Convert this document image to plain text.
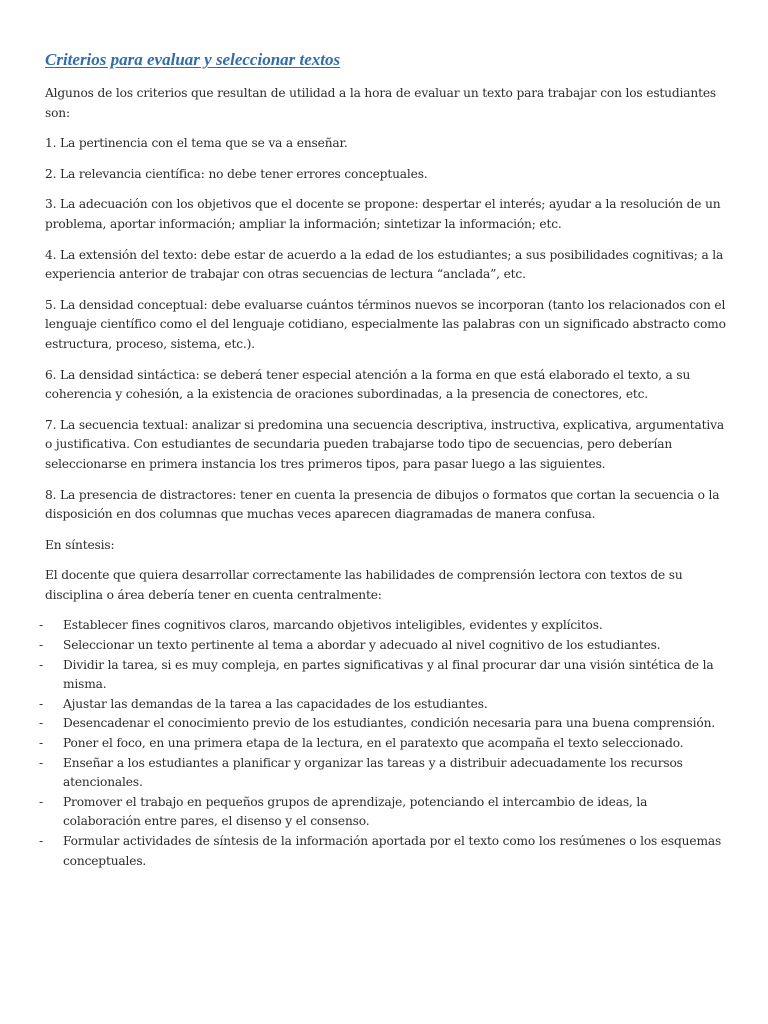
Criterios para evaluar y seleccionar textos

Algunos de los criterios que resultan de utilidad a la hora de evaluar un texto para trabajar con los estudiantes son:

1. La pertinencia con el tema que se va a enseñar.

2. La relevancia científica: no debe tener errores conceptuales.

3. La adecuación con los objetivos que el docente se propone: despertar el interés; ayudar a la resolución de un problema, aportar información; ampliar la información; sintetizar la información; etc.

4. La extensión del texto: debe estar de acuerdo a la edad de los estudiantes; a sus posibilidades cognitivas; a la experiencia anterior de trabajar con otras secuencias de lectura “anclada”, etc.

5. La densidad conceptual: debe evaluarse cuántos términos nuevos se incorporan (tanto los relacionados con el lenguaje científico como el del lenguaje cotidiano, especialmente las palabras con un significado abstracto como estructura, proceso, sistema, etc.).

6. La densidad sintáctica: se deberá tener especial atención a la forma en que está elaborado el texto, a su coherencia y cohesión, a la existencia de oraciones subordinadas, a la presencia de conectores, etc.

7. La secuencia textual: analizar si predomina una secuencia descriptiva, instructiva, explicativa, argumentativa o justificativa. Con estudiantes de secundaria pueden trabajarse todo tipo de secuencias, pero deberían seleccionarse en primera instancia los tres primeros tipos, para pasar luego a las siguientes.

8. La presencia de distractores: tener en cuenta la presencia de dibujos o formatos que cortan la secuencia o la disposición en dos columnas que muchas veces aparecen diagramadas de manera confusa.

En síntesis:

El docente que quiera desarrollar correctamente las habilidades de comprensión lectora con textos de su disciplina o área debería tener en cuenta centralmente:

- Establecer fines cognitivos claros, marcando objetivos inteligibles, evidentes y explícitos.
- Seleccionar un texto pertinente al tema a abordar y adecuado al nivel cognitivo de los estudiantes.
- Dividir la tarea, si es muy compleja, en partes significativas y al final procurar dar una visión sintética de la misma.
- Ajustar las demandas de la tarea a las capacidades de los estudiantes.
- Desencadenar el conocimiento previo de los estudiantes, condición necesaria para una buena comprensión.
- Poner el foco, en una primera etapa de la lectura, en el paratexto que acompaña el texto seleccionado.
- Enseñar a los estudiantes a planificar y organizar las tareas y a distribuir adecuadamente los recursos atencionales.
- Promover el trabajo en pequeños grupos de aprendizaje, potenciando el intercambio de ideas, la colaboración entre pares, el disenso y el consenso.
- Formular actividades de síntesis de la información aportada por el texto como los resúmenes o los esquemas conceptuales.
